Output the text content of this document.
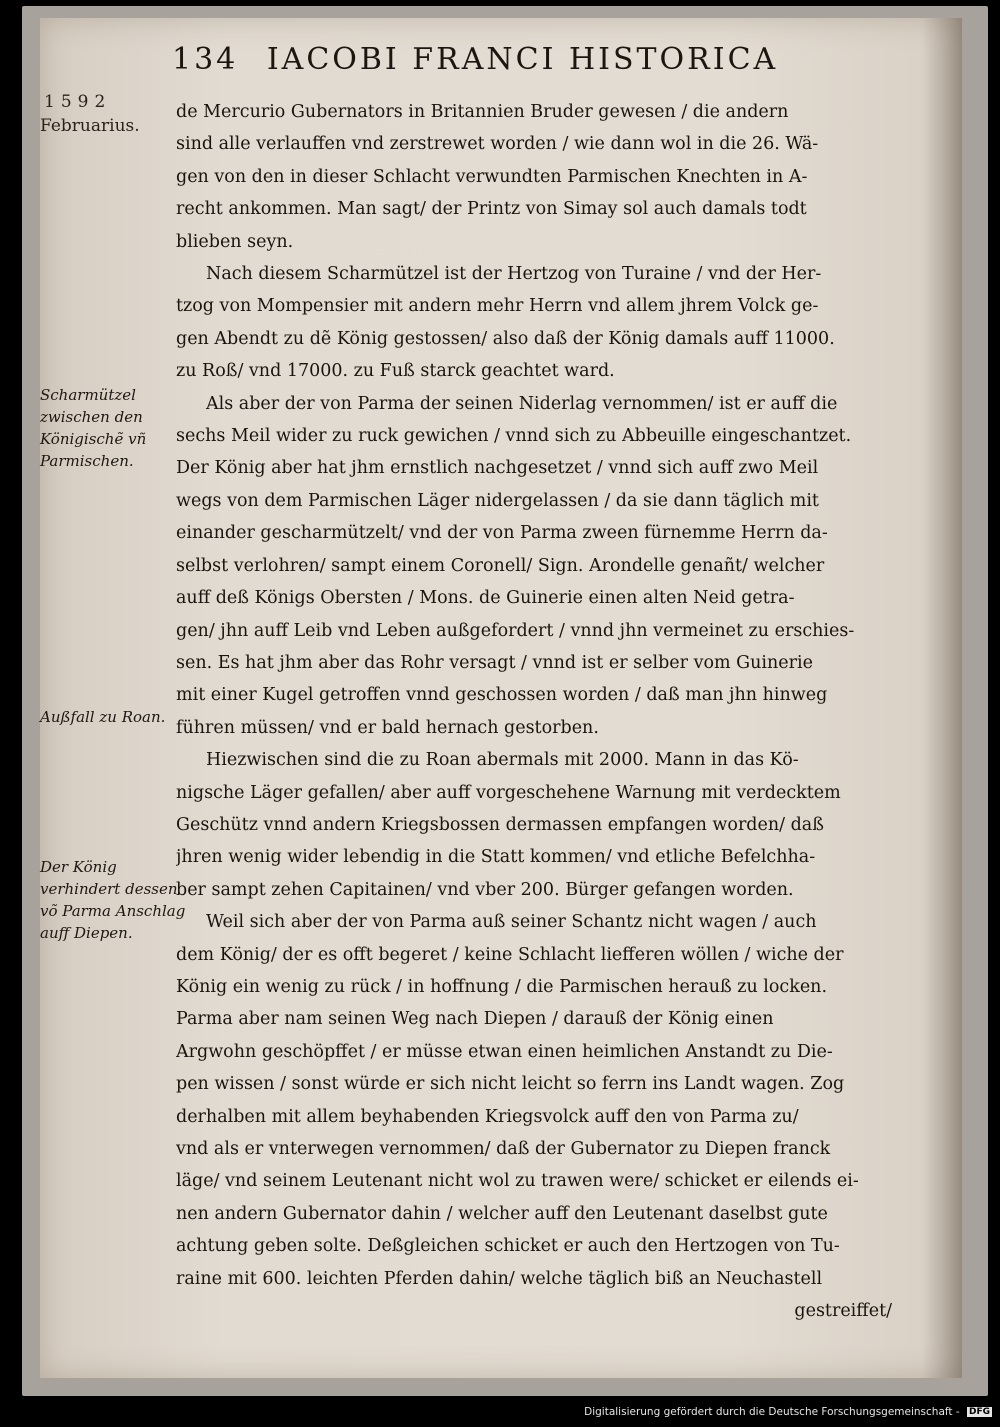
134 IACOBI FRANCI HISTORICA
1592
Februarius.
Scharmützel zwischen den Königischẽ vñ Parmischen.
Außfall zu Roan.
Der König verhindert dessen võ Parma Anschlag auff Diepen.
de Mercurio Gubernators in Britannien Bruder gewesen / die andern
sind alle verlauffen vnd zerstrewet worden / wie dann wol in die 26. Wä-
gen von den in dieser Schlacht verwundten Parmischen Knechten in A-
recht ankommen. Man sagt/ der Printz von Simay sol auch damals todt
blieben seyn.
Nach diesem Scharmützel ist der Hertzog von Turaine / vnd der Her-
tzog von Mompensier mit andern mehr Herrn vnd allem jhrem Volck ge-
gen Abendt zu dẽ König gestossen/ also daß der König damals auff 11000.
zu Roß/ vnd 17000. zu Fuß starck geachtet ward.
Als aber der von Parma der seinen Niderlag vernommen/ ist er auff die
sechs Meil wider zu ruck gewichen / vnnd sich zu Abbeuille eingeschantzet.
Der König aber hat jhm ernstlich nachgesetzet / vnnd sich auff zwo Meil
wegs von dem Parmischen Läger nidergelassen / da sie dann täglich mit
einander gescharmützelt/ vnd der von Parma zween fürnemme Herrn da-
selbst verlohren/ sampt einem Coronell/ Sign. Arondelle genañt/ welcher
auff deß Königs Obersten / Mons. de Guinerie einen alten Neid getra-
gen/ jhn auff Leib vnd Leben außgefordert / vnnd jhn vermeinet zu erschies-
sen. Es hat jhm aber das Rohr versagt / vnnd ist er selber vom Guinerie
mit einer Kugel getroffen vnnd geschossen worden / daß man jhn hinweg
führen müssen/ vnd er bald hernach gestorben.
Hiezwischen sind die zu Roan abermals mit 2000. Mann in das Kö-
nigsche Läger gefallen/ aber auff vorgeschehene Warnung mit verdecktem
Geschütz vnnd andern Kriegsbossen dermassen empfangen worden/ daß
jhren wenig wider lebendig in die Statt kommen/ vnd etliche Befelchha-
ber sampt zehen Capitainen/ vnd vber 200. Bürger gefangen worden.
Weil sich aber der von Parma auß seiner Schantz nicht wagen / auch
dem König/ der es offt begeret / keine Schlacht liefferen wöllen / wiche der
König ein wenig zu rück / in hoffnung / die Parmischen herauß zu locken.
Parma aber nam seinen Weg nach Diepen / darauß der König einen
Argwohn geschöpffet / er müsse etwan einen heimlichen Anstandt zu Die-
pen wissen / sonst würde er sich nicht leicht so ferrn ins Landt wagen. Zog
derhalben mit allem beyhabenden Kriegsvolck auff den von Parma zu/
vnd als er vnterwegen vernommen/ daß der Gubernator zu Diepen franck
läge/ vnd seinem Leutenant nicht wol zu trawen were/ schicket er eilends ei-
nen andern Gubernator dahin / welcher auff den Leutenant daselbst gute
achtung geben solte. Deßgleichen schicket er auch den Hertzogen von Tu-
raine mit 600. leichten Pferden dahin/ welche täglich biß an Neuchastell
gestreiffet/
Digitalisierung gefördert durch die Deutsche Forschungsgemeinschaft - DFG
